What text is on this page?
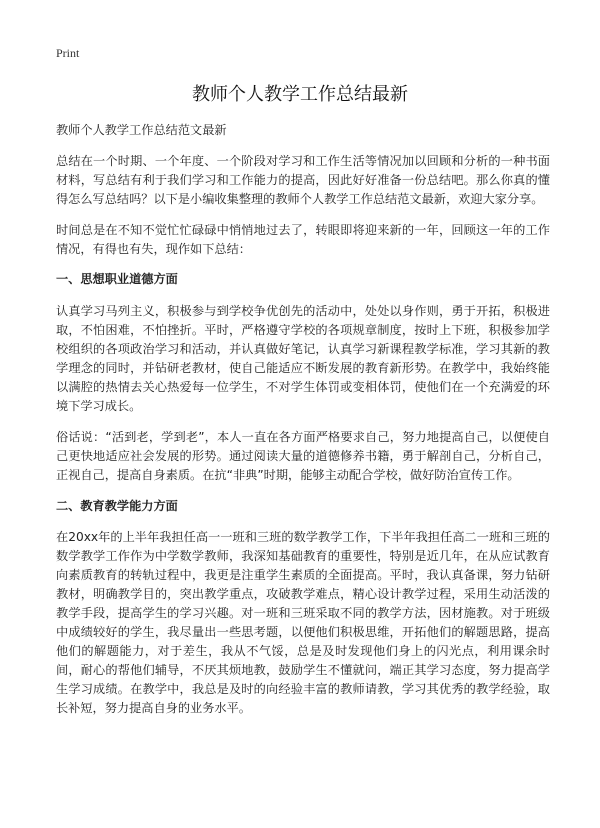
Print
教师个人教学工作总结最新

教师个人教学工作总结范文最新

总结在一个时期、一个年度、一个阶段对学习和工作生活等情况加以回顾和分析的一种书面材料，写总结有利于我们学习和工作能力的提高，因此好好准备一份总结吧。那么你真的懂得怎么写总结吗？以下是小编收集整理的教师个人教学工作总结范文最新，欢迎大家分享。

时间总是在不知不觉忙忙碌碌中悄悄地过去了，转眼即将迎来新的一年，回顾这一年的工作情况，有得也有失，现作如下总结：

一、思想职业道德方面

认真学习马列主义，积极参与到学校争优创先的活动中，处处以身作则，勇于开拓，积极进取，不怕困难，不怕挫折。平时，严格遵守学校的各项规章制度，按时上下班，积极参加学校组织的各项政治学习和活动，并认真做好笔记，认真学习新课程教学标准，学习其新的教学理念的同时，并钻研老教材，使自己能适应不断发展的教育新形势。在教学中，我始终能以满腔的热情去关心热爱每一位学生，不对学生体罚或变相体罚，使他们在一个充满爱的环境下学习成长。

俗话说：“活到老，学到老”，本人一直在各方面严格要求自己，努力地提高自己，以便使自己更快地适应社会发展的形势。通过阅读大量的道德修养书籍，勇于解剖自己，分析自己，正视自己，提高自身素质。在抗“非典”时期，能够主动配合学校，做好防治宣传工作。

二、教育教学能力方面

在20xx年的上半年我担任高一一班和三班的数学教学工作，下半年我担任高二一班和三班的数学教学工作作为中学数学教师，我深知基础教育的重要性，特别是近几年，在从应试教育向素质教育的转轨过程中，我更是注重学生素质的全面提高。平时，我认真备课，努力钻研教材，明确教学目的，突出教学重点，攻破教学难点，精心设计教学过程，采用生动活泼的教学手段，提高学生的学习兴趣。对一班和三班采取不同的教学方法，因材施教。对于班级中成绩较好的学生，我尽量出一些思考题，以便他们积极思维，开拓他们的解题思路，提高他们的解题能力，对于差生，我从不气馁，总是及时发现他们身上的闪光点，利用课余时间，耐心的帮他们辅导，不厌其烦地教，鼓励学生不懂就问，端正其学习态度，努力提高学生学习成绩。在教学中，我总是及时的向经验丰富的教师请教，学习其优秀的教学经验，取长补短，努力提高自身的业务水平。
